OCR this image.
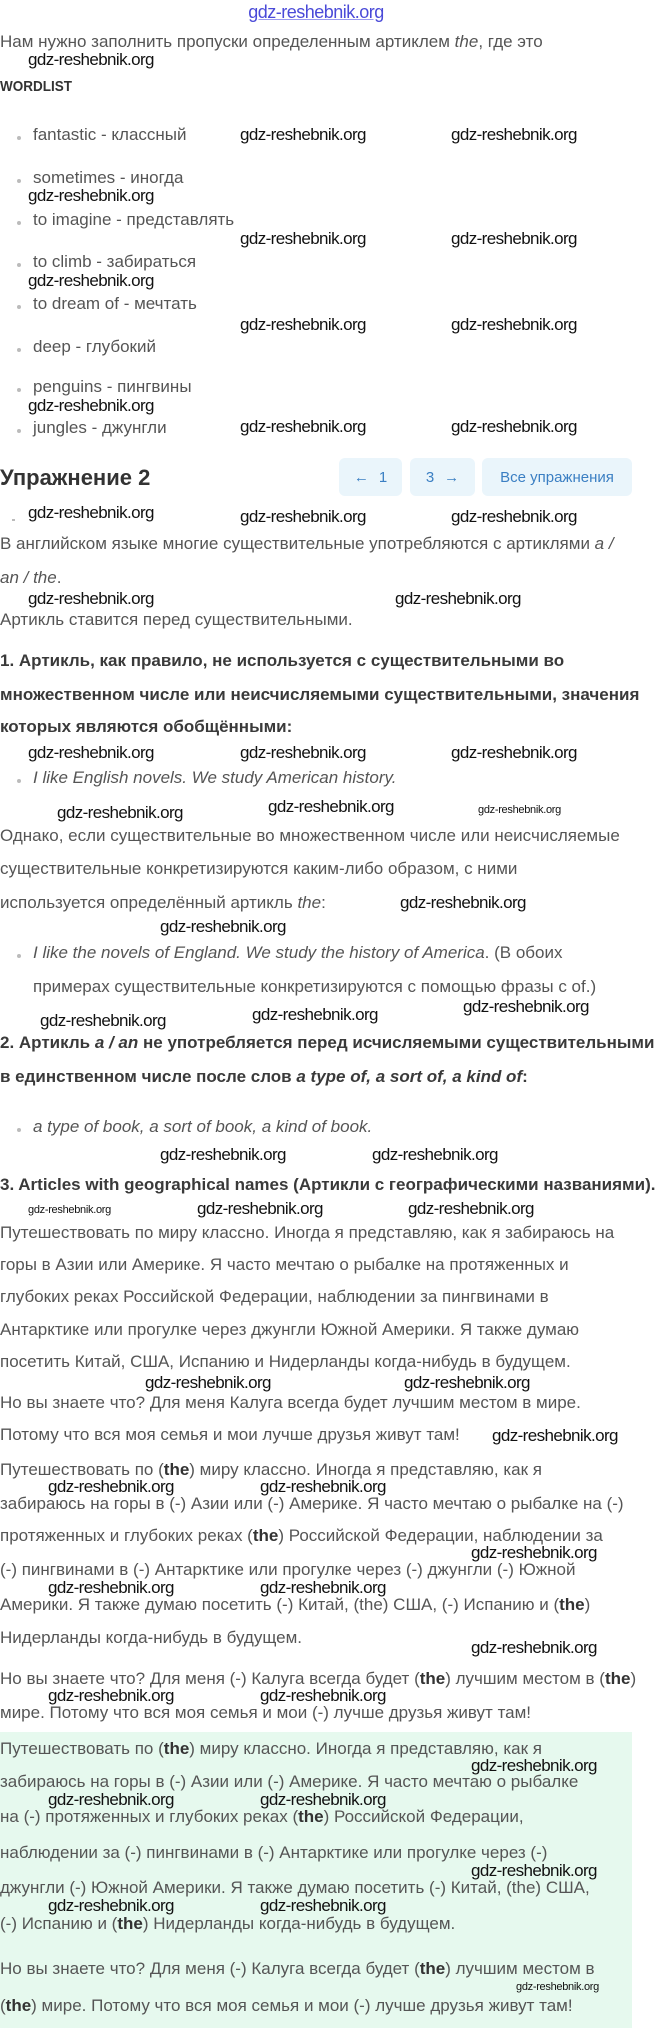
gdz-reshebnik.org
Нам нужно заполнить пропуски определенным артиклем the, где это
WORDLIST
fantastic - классный
sometimes - иногда
to imagine - представлять
to climb - забираться
to dream of - мечтать
deep - глубокий
penguins - пингвины
jungles - джунгли
Упражнение 2	← 1	3 →	Все упражнения
В английском языке многие существительные употребляются с артиклями a /
an / the.
Артикль ставится перед существительными.
1. Артикль, как правило, не используется с существительными во
множественном числе или неисчисляемыми существительными, значения
которых являются обобщёнными:
I like English novels. We study American history.
Однако, если существительные во множественном числе или неисчисляемые
существительные конкретизируются каким-либо образом, с ними
используется определённый артикль the:
I like the novels of England. We study the history of America. (В обоих
примерах существительные конкретизируются с помощью фразы с of.)
2. Артикль a / an не употребляется перед исчисляемыми существительными
в единственном числе после слов a type of, a sort of, a kind of:
a type of book, a sort of book, a kind of book.
3. Articles with geographical names (Артикли с географическими названиями).
Путешествовать по миру классно. Иногда я представляю, как я забираюсь на
горы в Азии или Америке. Я часто мечтаю о рыбалке на протяженных и
глубоких реках Российской Федерации, наблюдении за пингвинами в
Антарктике или прогулке через джунгли Южной Америки. Я также думаю
посетить Китай, США, Испанию и Нидерланды когда-нибудь в будущем.
Но вы знаете что? Для меня Калуга всегда будет лучшим местом в мире.
Потому что вся моя семья и мои лучше друзья живут там!
Путешествовать по (the) миру классно. Иногда я представляю, как я
забираюсь на горы в (-) Азии или (-) Америке. Я часто мечтаю о рыбалке на (-)
протяженных и глубоких реках (the) Российской Федерации, наблюдении за
(-) пингвинами в (-) Антарктике или прогулке через (-) джунгли (-) Южной
Америки. Я также думаю посетить (-) Китай, (the) США, (-) Испанию и (the)
Нидерланды когда-нибудь в будущем.
Но вы знаете что? Для меня (-) Калуга всегда будет (the) лучшим местом в (the)
мире. Потому что вся моя семья и мои (-) лучше друзья живут там!
Путешествовать по (the) миру классно. Иногда я представляю, как я
забираюсь на горы в (-) Азии или (-) Америке. Я часто мечтаю о рыбалке
на (-) протяженных и глубоких реках (the) Российской Федерации,
наблюдении за (-) пингвинами в (-) Антарктике или прогулке через (-)
джунгли (-) Южной Америки. Я также думаю посетить (-) Китай, (the) США,
(-) Испанию и (the) Нидерланды когда-нибудь в будущем.
Но вы знаете что? Для меня (-) Калуга всегда будет (the) лучшим местом в
(the) мире. Потому что вся моя семья и мои (-) лучше друзья живут там!
gdz-reshebnik.org
gdz-reshebnik.org	gdz-reshebnik.org
gdz-reshebnik.org
gdz-reshebnik.org	gdz-reshebnik.org
gdz-reshebnik.org
gdz-reshebnik.org	gdz-reshebnik.org
gdz-reshebnik.org
gdz-reshebnik.org	gdz-reshebnik.org
gdz-reshebnik.org	gdz-reshebnik.org	gdz-reshebnik.org
gdz-reshebnik.org	gdz-reshebnik.org
gdz-reshebnik.org	gdz-reshebnik.org	gdz-reshebnik.org
gdz-reshebnik.org	gdz-reshebnik.org
gdz-reshebnik.org
gdz-reshebnik.org
gdz-reshebnik.org
gdz-reshebnik.org
gdz-reshebnik.org
gdz-reshebnik.org
gdz-reshebnik.org	gdz-reshebnik.org
gdz-reshebnik.org	gdz-reshebnik.org	gdz-reshebnik.org
gdz-reshebnik.org
gdz-reshebnik.org
gdz-reshebnik.org
gdz-reshebnik.org	gdz-reshebnik.org
gdz-reshebnik.org
gdz-reshebnik.org	gdz-reshebnik.org
gdz-reshebnik.org
gdz-reshebnik.org	gdz-reshebnik.org
gdz-reshebnik.org
gdz-reshebnik.org	gdz-reshebnik.org
gdz-reshebnik.org
gdz-reshebnik.org	gdz-reshebnik.org
gdz-reshebnik.org
